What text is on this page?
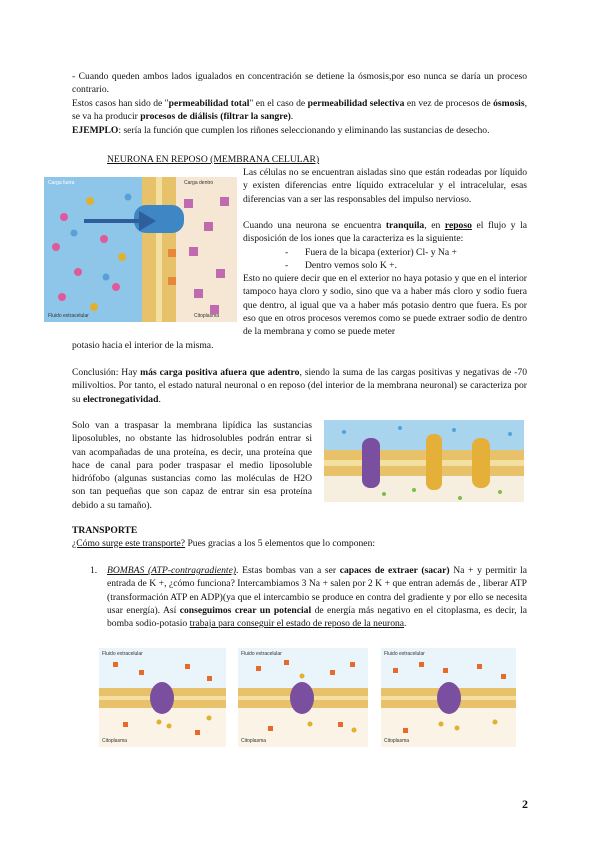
- Cuando queden ambos lados igualados en concentración se detiene la ósmosis,por eso nunca se daría un proceso contrario.
Estos casos han sido de "permeabilidad total" en el caso de permeabilidad selectiva en vez de procesos de ósmosis, se va ha producir procesos de diálisis (filtrar la sangre).
EJEMPLO: sería la función que cumplen los riñones seleccionando y eliminando las sustancias de desecho.
NEURONA EN REPOSO (MEMBRANA CELULAR)
Carga fuera	Carga dentro
Fluido extracelular	Citoplasma
Las células no se encuentran aisladas sino que están rodeadas por líquido y existen diferencias entre líquido extracelular y el intracelular, esas diferencias van a ser las responsables del impulso nervioso.
Cuando una neurona se encuentra tranquila, en reposo el flujo y la disposición de los iones que la caracteriza es la siguiente:
-       Fuera de la bicapa (exterior) Cl- y Na +
-       Dentro vemos solo K +.
Esto no quiere decir que en el exterior no haya potasio y que en el interior tampoco haya cloro y sodio, sino que va a haber más cloro y sodio fuera que dentro, al igual que va a haber más potasio dentro que fuera. Es por eso que en otros procesos veremos como se puede extraer sodio de dentro de la membrana y como se puede meter
potasio hacia el interior de la misma.
Conclusión: Hay más carga positiva afuera que adentro, siendo la suma de las cargas positivas y negativas de -70 milivoltios. Por tanto, el estado natural neuronal o en reposo (del interior de la membrana neuronal) se caracteriza por su electronegatividad.
Solo van a traspasar la membrana lipídica las sustancias liposolubles, no obstante las hidrosolubles podrán entrar si van acompañadas de una proteína, es decir, una proteína que hace de canal para poder traspasar el medio liposoluble hidrófobo (algunas sustancias como las moléculas de H2O son tan pequeñas que son capaz de entrar sin esa proteína debido a su tamaño).
TRANSPORTE
¿Cómo surge este transporte? Pues gracias a los 5 elementos que lo componen:
1. BOMBAS (ATP-contragradiente). Estas bombas van a ser capaces de extraer (sacar) Na + y permitir la entrada de K +, ¿cómo funciona? Intercambiamos 3 Na + salen por 2 K + que entran además de , liberar ATP (transformación ATP en ADP)(ya que el intercambio se produce en contra del gradiente y por ello se necesita usar energía). Así conseguimos crear un potencial de energía más negativo en el citoplasma, es decir, la bomba sodio-potasio trabaja para conseguir el estado de reposo de la neurona.
Fluido extracelular
Citoplasma
Fluido extracelular
Citoplasma
Fluido extracelular
Citoplasma
2
